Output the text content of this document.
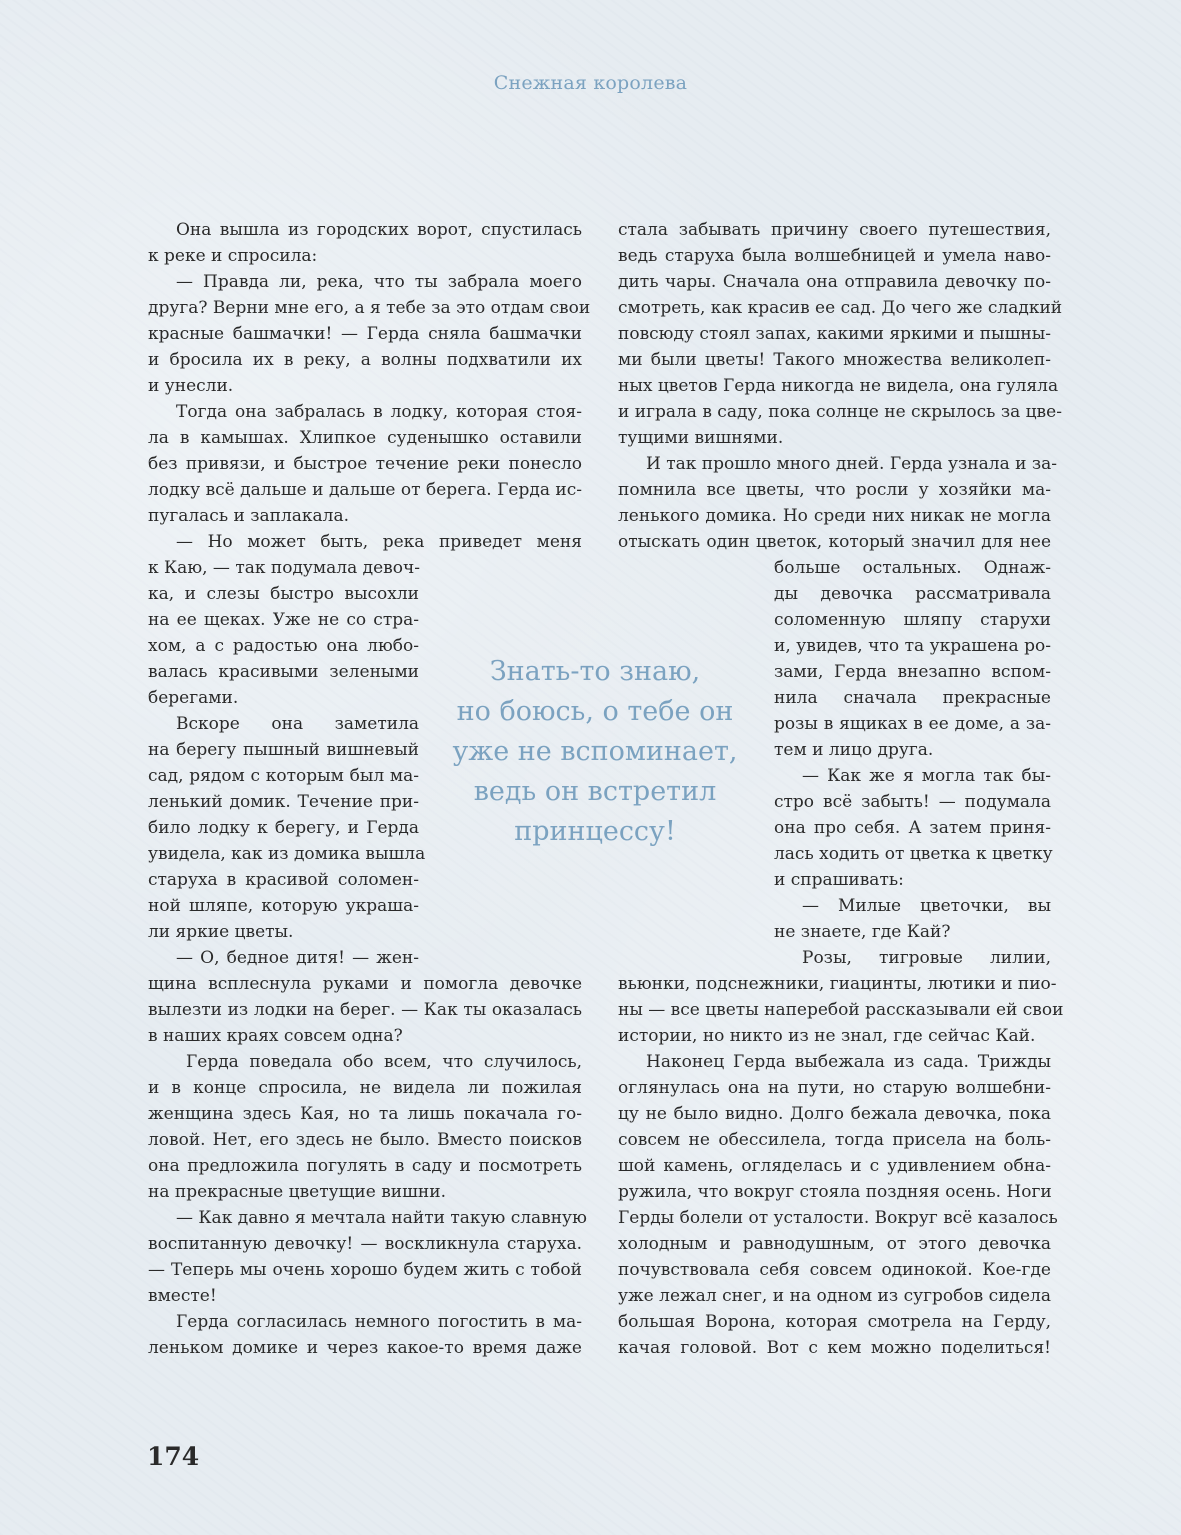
Снежная королева
Она вышла из городских ворот, спустилась
к реке и спросила:
— Правда ли, река, что ты забрала моего
друга? Верни мне его, а я тебе за это отдам свои
красные башмачки! — Герда сняла башмачки
и бросила их в реку, а волны подхватили их
и унесли.
Тогда она забралась в лодку, которая стоя-
ла в камышах. Хлипкое суденышко оставили
без привязи, и быстрое течение реки понесло
лодку всё дальше и дальше от берега. Герда ис-
пугалась и заплакала.
— Но может быть, река приведет меня
к Каю, — так подумала девоч-
ка, и слезы быстро высохли
на ее щеках. Уже не со стра-
хом, а с радостью она любо-
валась красивыми зелеными
берегами.
Вскоре она заметила
на берегу пышный вишневый
сад, рядом с которым был ма-
ленький домик. Течение при-
било лодку к берегу, и Герда
увидела, как из домика вышла
старуха в красивой соломен-
ной шляпе, которую украша-
ли яркие цветы.
— О, бедное дитя! — жен-
щина всплеснула руками и помогла девочке
вылезти из лодки на берег. — Как ты оказалась
в наших краях совсем одна?
Герда поведала обо всем, что случилось,
и в конце спросила, не видела ли пожилая
женщина здесь Кая, но та лишь покачала го-
ловой. Нет, его здесь не было. Вместо поисков
она предложила погулять в саду и посмотреть
на прекрасные цветущие вишни.
— Как давно я мечтала найти такую славную
воспитанную девочку! — воскликнула старуха.
— Теперь мы очень хорошо будем жить с тобой
вместе!
Герда согласилась немного погостить в ма-
леньком домике и через какое-то время даже
стала забывать причину своего путешествия,
ведь старуха была волшебницей и умела наво-
дить чары. Сначала она отправила девочку по-
смотреть, как красив ее сад. До чего же сладкий
повсюду стоял запах, какими яркими и пышны-
ми были цветы! Такого множества великолеп-
ных цветов Герда никогда не видела, она гуляла
и играла в саду, пока солнце не скрылось за цве-
тущими вишнями.
И так прошло много дней. Герда узнала и за-
помнила все цветы, что росли у хозяйки ма-
ленького домика. Но среди них никак не могла
отыскать один цветок, который значил для нее
больше остальных. Однаж-
ды девочка рассматривала
соломенную шляпу старухи
и, увидев, что та украшена ро-
зами, Герда внезапно вспом-
нила сначала прекрасные
розы в ящиках в ее доме, а за-
тем и лицо друга.
— Как же я могла так бы-
стро всё забыть! — подумала
она про себя. А затем приня-
лась ходить от цветка к цветку
и спрашивать:
— Милые цветочки, вы
не знаете, где Кай?
Розы, тигровые лилии,
вьюнки, подснежники, гиацинты, лютики и пио-
ны — все цветы наперебой рассказывали ей свои
истории, но никто из не знал, где сейчас Кай.
Наконец Герда выбежала из сада. Трижды
оглянулась она на пути, но старую волшебни-
цу не было видно. Долго бежала девочка, пока
совсем не обессилела, тогда присела на боль-
шой камень, огляделась и с удивлением обна-
ружила, что вокруг стояла поздняя осень. Ноги
Герды болели от усталости. Вокруг всё казалось
холодным и равнодушным, от этого девочка
почувствовала себя совсем одинокой. Кое-где
уже лежал снег, и на одном из сугробов сидела
большая Ворона, которая смотрела на Герду,
качая головой. Вот с кем можно поделиться!
Знать-то знаю,
но боюсь, о тебе он
уже не вспоминает,
ведь он встретил
принцессу!
174
